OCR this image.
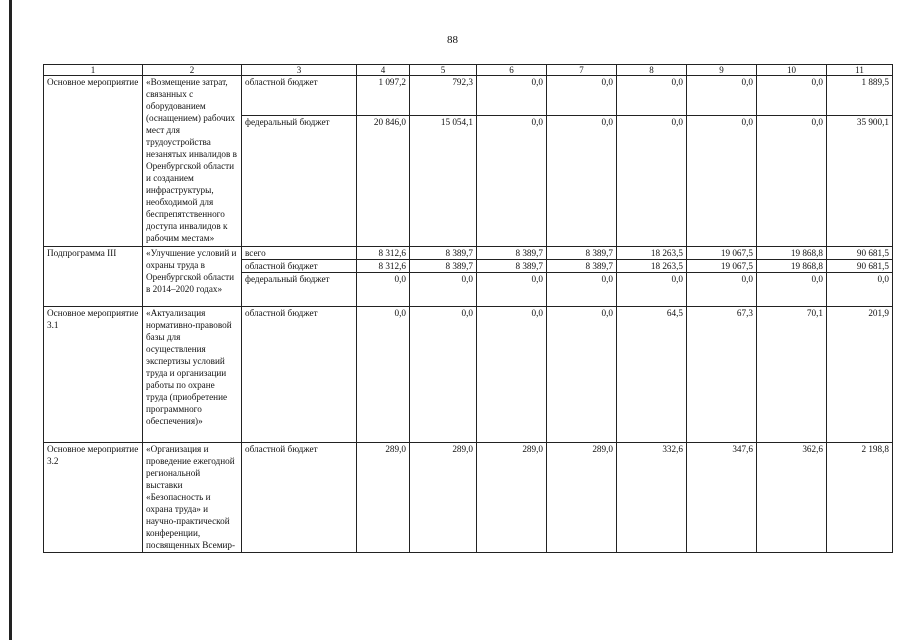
88
1	2	3	4	5	6	7	8	9	10	11
Основное мероприятие	«Возмещение затрат, связанных с оборудованием (оснащением) рабочих мест для трудоустройства незанятых инвалидов в Оренбургской области и созданием инфраструктуры, необходимой для беспрепятственного доступа инвалидов к рабочим местам»	областной бюджет	1 097,2	792,3	0,0	0,0	0,0	0,0	0,0	1 889,5
		федеральный бюджет	20 846,0	15 054,1	0,0	0,0	0,0	0,0	0,0	35 900,1
Подпрограмма III	«Улучшение условий и охраны труда в Оренбургской области в 2014–2020 годах»	всего	8 312,6	8 389,7	8 389,7	8 389,7	18 263,5	19 067,5	19 868,8	90 681,5
		областной бюджет	8 312,6	8 389,7	8 389,7	8 389,7	18 263,5	19 067,5	19 868,8	90 681,5
		федеральный бюджет	0,0	0,0	0,0	0,0	0,0	0,0	0,0	0,0
Основное мероприятие 3.1	«Актуализация нормативно-правовой базы для осуществления экспертизы условий труда и организации работы по охране труда (приобретение программного обеспечения)»	областной бюджет	0,0	0,0	0,0	0,0	64,5	67,3	70,1	201,9
Основное мероприятие 3.2	«Организация и проведение ежегодной региональной выставки «Безопасность и охрана труда» и научно-практической конференции, посвященных Всемир-	областной бюджет	289,0	289,0	289,0	289,0	332,6	347,6	362,6	2 198,8
